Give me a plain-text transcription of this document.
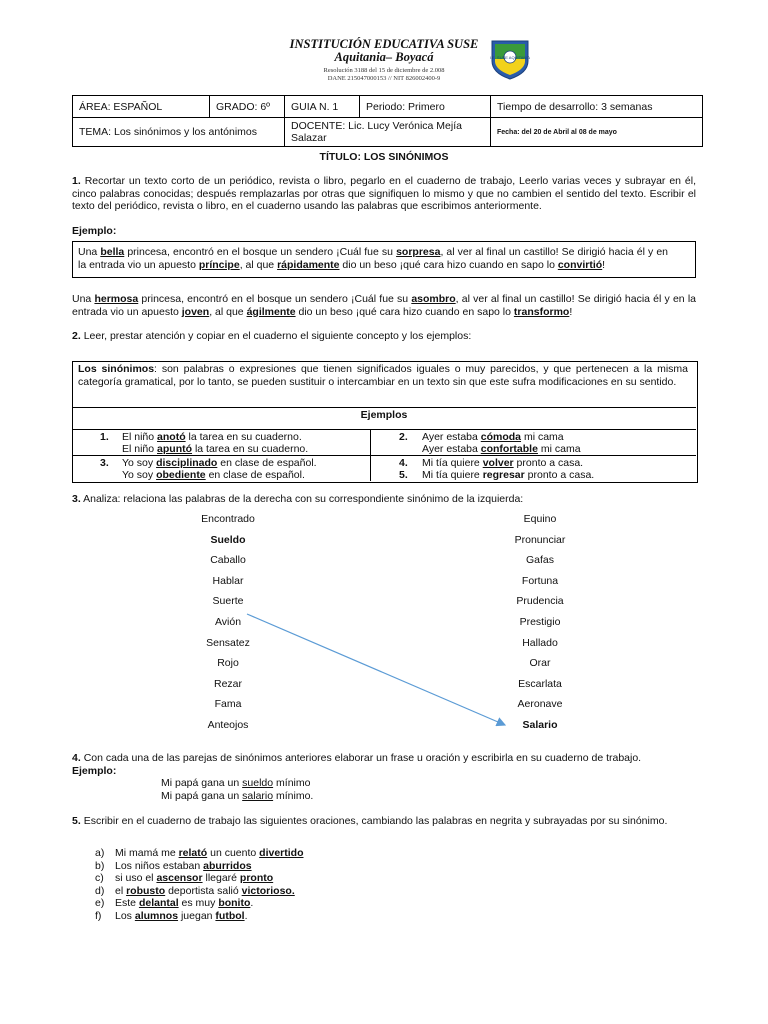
INSTITUCIÓN EDUCATIVA SUSE
Aquitania– Boyacá
Resolución 3188 del 15 de diciembre de 2.008
DANE 215047000153 // NIT 826002400-9
I.E. SUSE AQUITANIA
ÁREA: ESPAÑOL	GRADO: 6º	GUIA N. 1	Periodo: Primero	Tiempo de desarrollo: 3 semanas
TEMA: Los sinónimos y los antónimos		DOCENTE: Lic. Lucy Verónica Mejía Salazar		Fecha: del 20 de Abril al 08 de mayo
TÍTULO: LOS SINÓNIMOS
1. Recortar un texto corto de un periódico, revista o libro, pegarlo en el cuaderno de trabajo, Leerlo varias veces y subrayar en él, cinco palabras conocidas; después remplazarlas por otras que signifiquen lo mismo y que no cambien el sentido del texto. Escribir el texto del periódico, revista o libro, en el cuaderno usando las palabras que escribimos anteriormente.
Ejemplo:
Una bella princesa, encontró en el bosque un sendero ¡Cuál fue su sorpresa, al ver al final un castillo! Se dirigió hacia él y en la entrada vio un apuesto príncipe, al que rápidamente dio un beso ¡qué cara hizo cuando en sapo lo convirtió!
Una hermosa princesa, encontró en el bosque un sendero ¡Cuál fue su asombro, al ver al final un castillo! Se dirigió hacia él y en la entrada vio un apuesto joven, al que ágilmente dio un beso ¡qué cara hizo cuando en sapo lo transformo!
2. Leer, prestar atención y copiar en el cuaderno el siguiente concepto y los ejemplos:
Los sinónimos: son palabras o expresiones que tienen significados iguales o muy parecidos, y que pertenecen a la misma categoría gramatical, por lo tanto, se pueden sustituir o intercambiar en un texto sin que este sufra modificaciones en su sentido.
Ejemplos
1. El niño anotó la tarea en su cuaderno.
El niño apuntó la tarea en su cuaderno.
2. Ayer estaba cómoda mi cama
Ayer estaba confortable mi cama
3. Yo soy disciplinado en clase de español.
Yo soy obediente en clase de español.
4. Mi tía quiere volver pronto a casa.
5. Mi tía quiere regresar pronto a casa.
3. Analiza: relaciona las palabras de la derecha con su correspondiente sinónimo de la izquierda:
Encontrado
Sueldo
Caballo
Hablar
Suerte
Avión
Sensatez
Rojo
Rezar
Fama
Anteojos
Equino
Pronunciar
Gafas
Fortuna
Prudencia
Prestigio
Hallado
Orar
Escarlata
Aeronave
Salario
4. Con cada una de las parejas de sinónimos anteriores elaborar un frase u oración y escribirla en su cuaderno de trabajo.
Ejemplo:
Mi papá gana un sueldo mínimo
Mi papá gana un salario mínimo.
5. Escribir en el cuaderno de trabajo las siguientes oraciones, cambiando las palabras en negrita y subrayadas por su sinónimo.
a) Mi mamá me relató un cuento divertido
b) Los niños estaban aburridos
c) si uso el ascensor llegaré pronto
d) el robusto deportista salió victorioso.
e) Este delantal es muy bonito.
f) Los alumnos juegan futbol.
